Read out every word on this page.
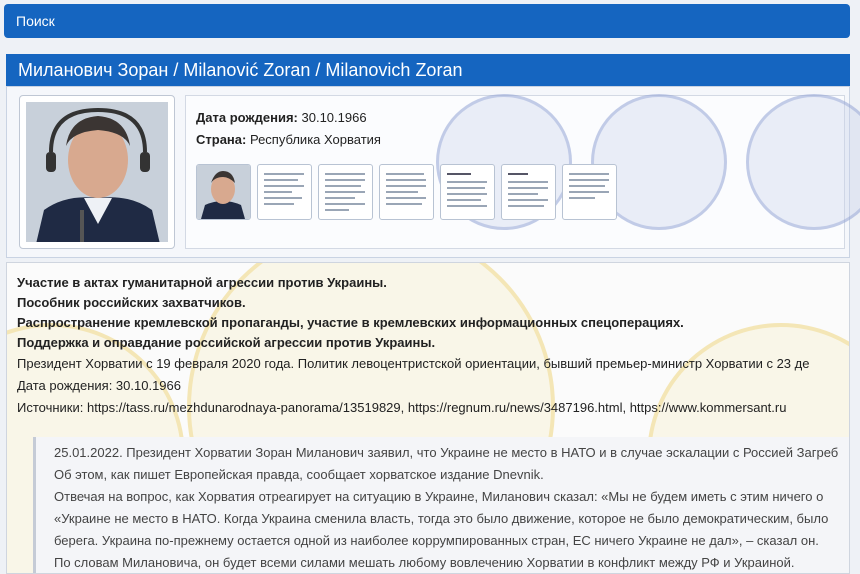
Поиск
Миланович Зоран / Milanović Zoran / Milanovich Zoran
Дата рождения: 30.10.1966
Страна: Республика Хорватия
Участие в актах гуманитарной агрессии против Украины.
Пособник российских захватчиков.
Распространение кремлевской пропаганды, участие в кремлевских информационных спецоперациях.
Поддержка и оправдание российской агрессии против Украины.
Президент Хорватии с 19 февраля 2020 года. Политик левоцентристской ориентации, бывший премьер-министр Хорватии с 23 де
Дата рождения: 30.10.1966
Источники: https://tass.ru/mezhdunarodnaya-panorama/13519829, https://regnum.ru/news/3487196.html, https://www.kommersant.ru
25.01.2022. Президент Хорватии Зоран Миланович заявил, что Украине не место в НАТО и в случае эскалации с Россией Загреб
Об этом, как пишет Европейская правда, сообщает хорватское издание Dnevnik.
Отвечая на вопрос, как Хорватия отреагирует на ситуацию в Украине, Миланович сказал: «Мы не будем иметь с этим ничего о
«Украине не место в НАТО. Когда Украина сменила власть, тогда это было движение, которое не было демократическим, было
берега. Украина по-прежнему остается одной из наиболее коррумпированных стран, ЕС ничего Украине не дал», – сказал он.
По словам Милановича, он будет всеми силами мешать любому вовлечению Хорватии в конфликт между РФ и Украиной.
